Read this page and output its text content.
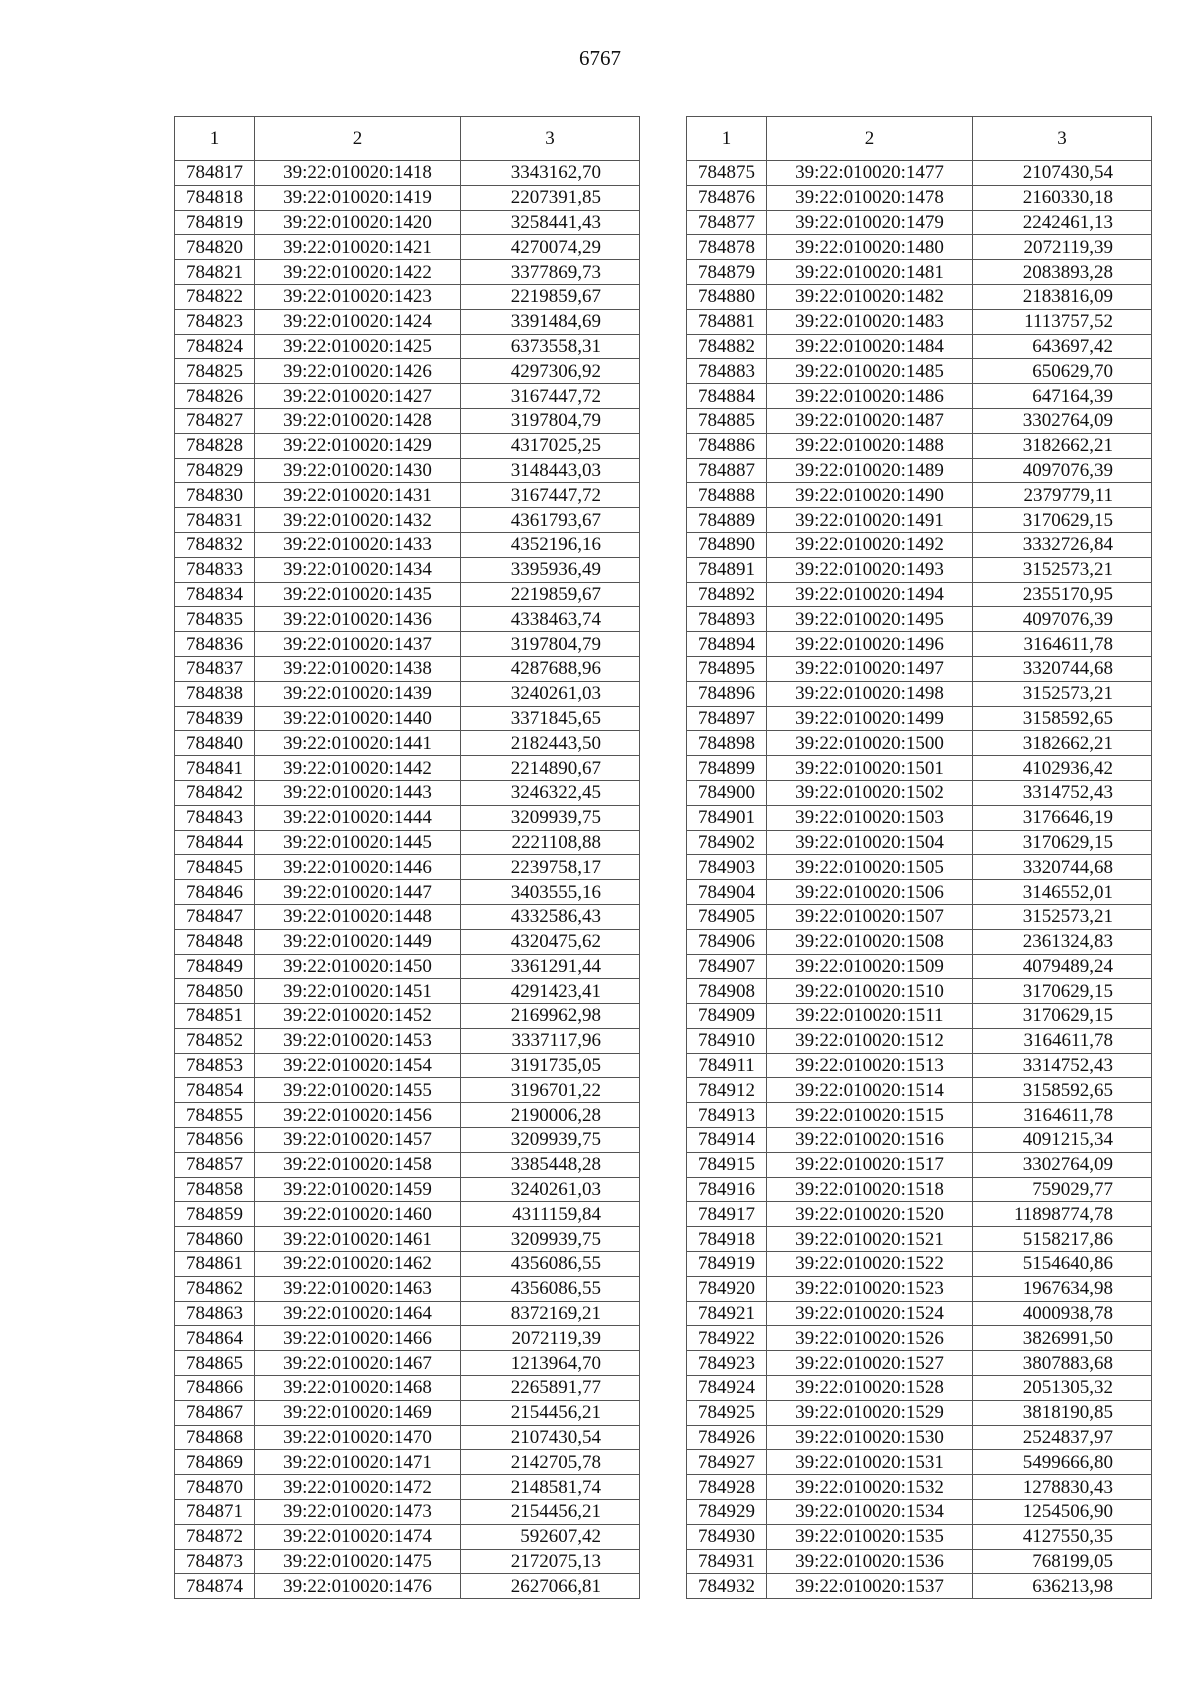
6767
1	2	3
784817	39:22:010020:1418	3343162,70
784818	39:22:010020:1419	2207391,85
784819	39:22:010020:1420	3258441,43
784820	39:22:010020:1421	4270074,29
784821	39:22:010020:1422	3377869,73
784822	39:22:010020:1423	2219859,67
784823	39:22:010020:1424	3391484,69
784824	39:22:010020:1425	6373558,31
784825	39:22:010020:1426	4297306,92
784826	39:22:010020:1427	3167447,72
784827	39:22:010020:1428	3197804,79
784828	39:22:010020:1429	4317025,25
784829	39:22:010020:1430	3148443,03
784830	39:22:010020:1431	3167447,72
784831	39:22:010020:1432	4361793,67
784832	39:22:010020:1433	4352196,16
784833	39:22:010020:1434	3395936,49
784834	39:22:010020:1435	2219859,67
784835	39:22:010020:1436	4338463,74
784836	39:22:010020:1437	3197804,79
784837	39:22:010020:1438	4287688,96
784838	39:22:010020:1439	3240261,03
784839	39:22:010020:1440	3371845,65
784840	39:22:010020:1441	2182443,50
784841	39:22:010020:1442	2214890,67
784842	39:22:010020:1443	3246322,45
784843	39:22:010020:1444	3209939,75
784844	39:22:010020:1445	2221108,88
784845	39:22:010020:1446	2239758,17
784846	39:22:010020:1447	3403555,16
784847	39:22:010020:1448	4332586,43
784848	39:22:010020:1449	4320475,62
784849	39:22:010020:1450	3361291,44
784850	39:22:010020:1451	4291423,41
784851	39:22:010020:1452	2169962,98
784852	39:22:010020:1453	3337117,96
784853	39:22:010020:1454	3191735,05
784854	39:22:010020:1455	3196701,22
784855	39:22:010020:1456	2190006,28
784856	39:22:010020:1457	3209939,75
784857	39:22:010020:1458	3385448,28
784858	39:22:010020:1459	3240261,03
784859	39:22:010020:1460	4311159,84
784860	39:22:010020:1461	3209939,75
784861	39:22:010020:1462	4356086,55
784862	39:22:010020:1463	4356086,55
784863	39:22:010020:1464	8372169,21
784864	39:22:010020:1466	2072119,39
784865	39:22:010020:1467	1213964,70
784866	39:22:010020:1468	2265891,77
784867	39:22:010020:1469	2154456,21
784868	39:22:010020:1470	2107430,54
784869	39:22:010020:1471	2142705,78
784870	39:22:010020:1472	2148581,74
784871	39:22:010020:1473	2154456,21
784872	39:22:010020:1474	592607,42
784873	39:22:010020:1475	2172075,13
784874	39:22:010020:1476	2627066,81
1	2	3
784875	39:22:010020:1477	2107430,54
784876	39:22:010020:1478	2160330,18
784877	39:22:010020:1479	2242461,13
784878	39:22:010020:1480	2072119,39
784879	39:22:010020:1481	2083893,28
784880	39:22:010020:1482	2183816,09
784881	39:22:010020:1483	1113757,52
784882	39:22:010020:1484	643697,42
784883	39:22:010020:1485	650629,70
784884	39:22:010020:1486	647164,39
784885	39:22:010020:1487	3302764,09
784886	39:22:010020:1488	3182662,21
784887	39:22:010020:1489	4097076,39
784888	39:22:010020:1490	2379779,11
784889	39:22:010020:1491	3170629,15
784890	39:22:010020:1492	3332726,84
784891	39:22:010020:1493	3152573,21
784892	39:22:010020:1494	2355170,95
784893	39:22:010020:1495	4097076,39
784894	39:22:010020:1496	3164611,78
784895	39:22:010020:1497	3320744,68
784896	39:22:010020:1498	3152573,21
784897	39:22:010020:1499	3158592,65
784898	39:22:010020:1500	3182662,21
784899	39:22:010020:1501	4102936,42
784900	39:22:010020:1502	3314752,43
784901	39:22:010020:1503	3176646,19
784902	39:22:010020:1504	3170629,15
784903	39:22:010020:1505	3320744,68
784904	39:22:010020:1506	3146552,01
784905	39:22:010020:1507	3152573,21
784906	39:22:010020:1508	2361324,83
784907	39:22:010020:1509	4079489,24
784908	39:22:010020:1510	3170629,15
784909	39:22:010020:1511	3170629,15
784910	39:22:010020:1512	3164611,78
784911	39:22:010020:1513	3314752,43
784912	39:22:010020:1514	3158592,65
784913	39:22:010020:1515	3164611,78
784914	39:22:010020:1516	4091215,34
784915	39:22:010020:1517	3302764,09
784916	39:22:010020:1518	759029,77
784917	39:22:010020:1520	11898774,78
784918	39:22:010020:1521	5158217,86
784919	39:22:010020:1522	5154640,86
784920	39:22:010020:1523	1967634,98
784921	39:22:010020:1524	4000938,78
784922	39:22:010020:1526	3826991,50
784923	39:22:010020:1527	3807883,68
784924	39:22:010020:1528	2051305,32
784925	39:22:010020:1529	3818190,85
784926	39:22:010020:1530	2524837,97
784927	39:22:010020:1531	5499666,80
784928	39:22:010020:1532	1278830,43
784929	39:22:010020:1534	1254506,90
784930	39:22:010020:1535	4127550,35
784931	39:22:010020:1536	768199,05
784932	39:22:010020:1537	636213,98
